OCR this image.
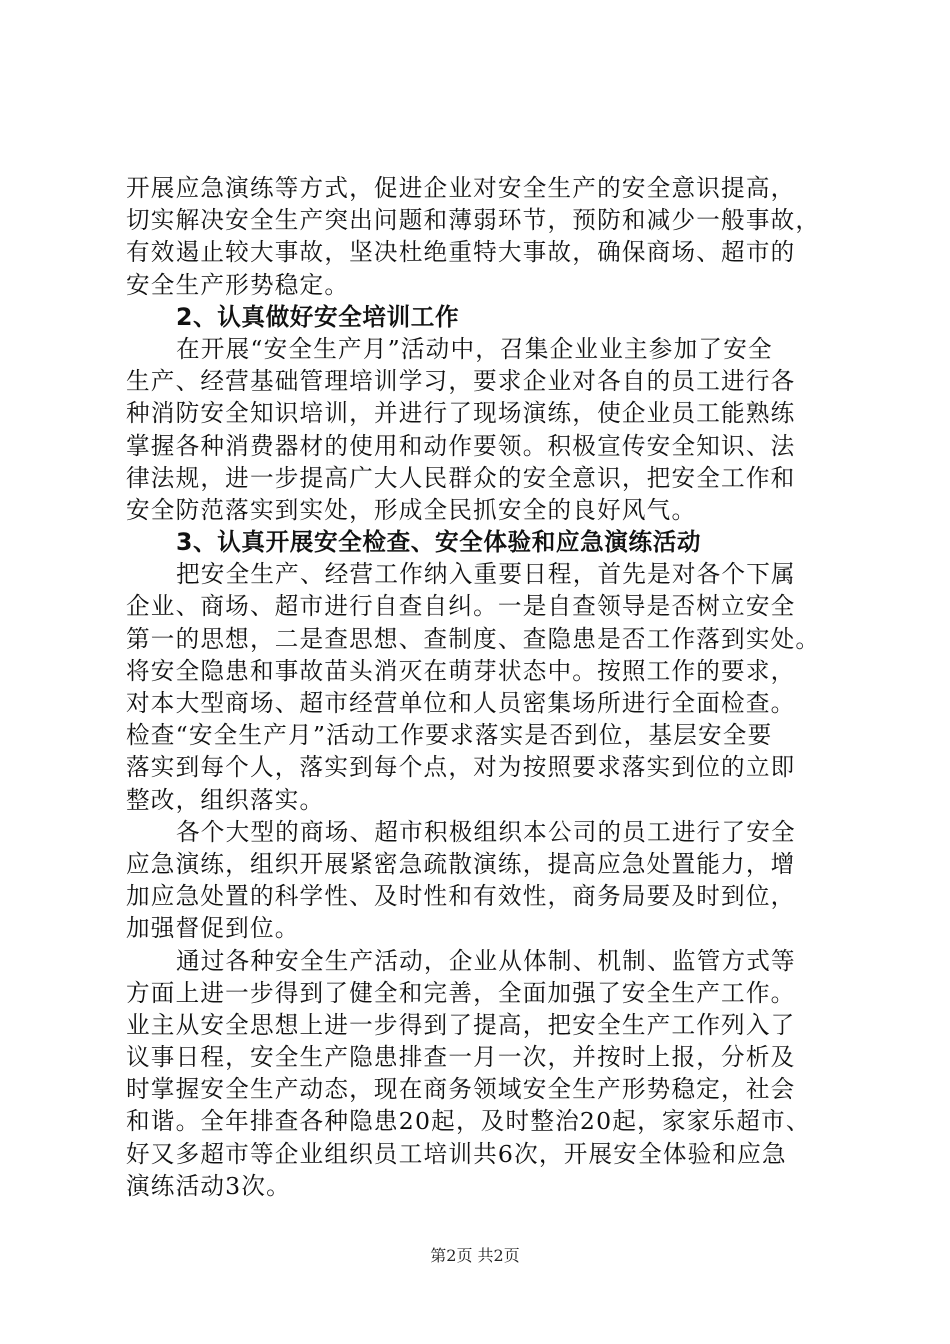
开展应急演练等方式，促进企业对安全生产的安全意识提高，
切实解决安全生产突出问题和薄弱环节，预防和减少一般事故，
有效遏止较大事故，坚决杜绝重特大事故，确保商场、超市的
安全生产形势稳定。
2、认真做好安全培训工作
在开展“安全生产月”活动中，召集企业业主参加了安全
生产、经营基础管理培训学习，要求企业对各自的员工进行各
种消防安全知识培训，并进行了现场演练，使企业员工能熟练
掌握各种消费器材的使用和动作要领。积极宣传安全知识、法
律法规，进一步提高广大人民群众的安全意识，把安全工作和
安全防范落实到实处，形成全民抓安全的良好风气。
3、认真开展安全检查、安全体验和应急演练活动
把安全生产、经营工作纳入重要日程，首先是对各个下属
企业、商场、超市进行自查自纠。一是自查领导是否树立安全
第一的思想，二是查思想、查制度、查隐患是否工作落到实处。
将安全隐患和事故苗头消灭在萌芽状态中。按照工作的要求，
对本大型商场、超市经营单位和人员密集场所进行全面检查。
检查“安全生产月”活动工作要求落实是否到位，基层安全要
落实到每个人，落实到每个点，对为按照要求落实到位的立即
整改，组织落实。
各个大型的商场、超市积极组织本公司的员工进行了安全
应急演练，组织开展紧密急疏散演练，提高应急处置能力，增
加应急处置的科学性、及时性和有效性，商务局要及时到位，
加强督促到位。
通过各种安全生产活动，企业从体制、机制、监管方式等
方面上进一步得到了健全和完善，全面加强了安全生产工作。
业主从安全思想上进一步得到了提高，把安全生产工作列入了
议事日程，安全生产隐患排查一月一次，并按时上报，分析及
时掌握安全生产动态，现在商务领域安全生产形势稳定，社会
和谐。全年排查各种隐患20起，及时整治20起，家家乐超市、
好又多超市等企业组织员工培训共6次，开展安全体验和应急
演练活动3次。
第2页 共2页
